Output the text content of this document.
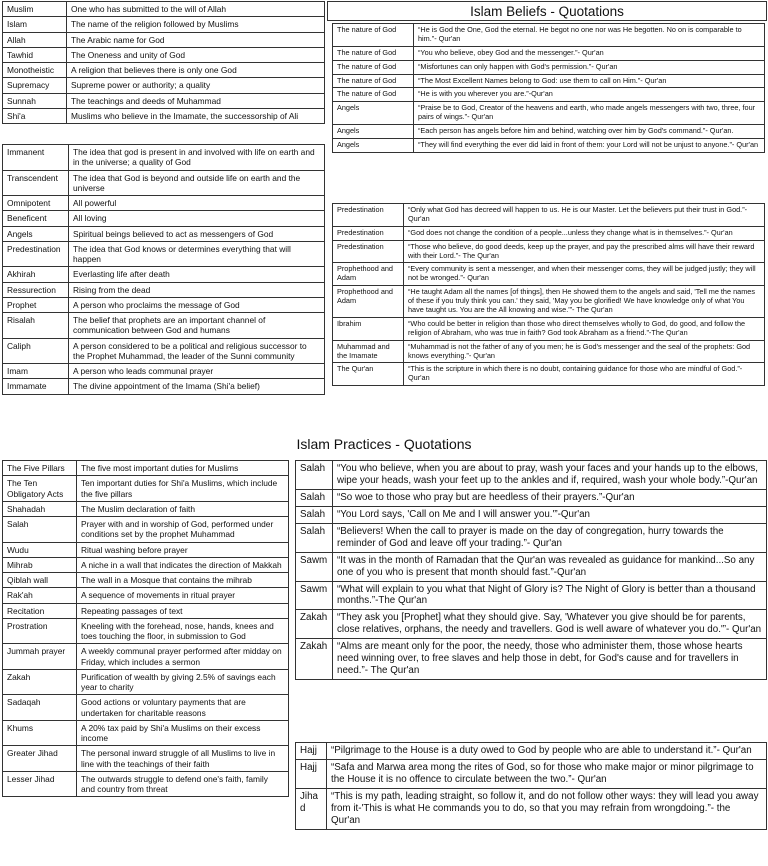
Muslim	One who has submitted to the will of Allah
Islam	The name of the religion followed by Muslims
Allah	The Arabic name for God
Tawhid	The Oneness and unity of God
Monotheistic	A religion that believes there is only one God
Supremacy	Supreme power or authority; a quality
Sunnah	The teachings and deeds of Muhammad
Shi'a	Muslims who believe in the Imamate, the successorship of Ali
Immanent	The idea that god is present in and involved with life on earth and in the universe; a quality of God
Transcendent	The idea that God is beyond and outside life on earth and the universe
Omnipotent	All powerful
Beneficent	All loving
Angels	Spiritual beings believed to act as messengers of God
Predestination	The idea that God knows or determines everything that will happen
Akhirah	Everlasting life after death
Ressurection	Rising from the dead
Prophet	A person who proclaims the message of God
Risalah	The belief that prophets are an important channel of communication between God and humans
Caliph	A person considered to be a political and religious successor to the Prophet Muhammad, the leader of the Sunni community
Imam	A person who leads communal prayer
Immamate	The divine appointment of the Imama (Shi'a belief)
Islam Beliefs - Quotations
The nature of God	“He is God the One, God the eternal. He begot no one nor was He begotten. No on is comparable to him.”- Qur'an
The nature of God	“You who believe, obey God and the messenger.”- Qur'an
The nature of God	“Misfortunes can only happen with God's permission.”- Qur'an
The nature of God	“The Most Excellent Names belong to God: use them to call on Him.”- Qur'an
The nature of God	“He is with you wherever you are.”-Qur'an
Angels	“Praise be to God, Creator of the heavens and earth, who made angels messengers with two, three, four pairs of wings.”- Qur'an
Angels	“Each person has angels before him and behind, watching over him by God's command.”- Qur'an.
Angels	“They will find everything the ever did laid in front of them: your Lord will not be unjust to anyone.”- Qur'an
Predestination	“Only what God has decreed will happen to us. He is our Master. Let the believers put their trust in God.”- Qur'an
Predestination	“God does not change the condition of a people...unless they change what is in themselves.”- Qur'an
Predestination	“Those who believe, do good deeds, keep up the prayer, and pay the prescribed alms will have their reward with their Lord.”- The Qur'an
Prophethood and Adam	“Every community is sent a messenger, and when their messenger coms, they will be judged justly; they will not be wronged.”- Qur'an
Prophethood and Adam	“He taught Adam all the names [of things], then He showed them to the angels and said, 'Tell me the names of these if you truly think you can.' they said, 'May you be glorified! We have knowledge only of what You have taught us. You are the All knowing and wise.'”- The Qur'an
Ibrahim	“Who could be better in religion than those who direct themselves wholly to God, do good, and follow the religion of Abraham, who was true in faith? God took Abraham as a friend.”-The Qur'an
Muhammad and the Imamate	“Muhammad is not the father of any of you men; he is God's messenger and the seal of the prophets: God knows everything.”- Qur'an
The Qur'an	“This is the scripture in which there is no doubt, containing guidance for those who are mindful of God.”- Qur'an
Islam Practices - Quotations
The Five Pillars	The five most important duties for Muslims
The Ten Obligatory Acts	Ten important duties for Shi'a Muslims, which include the five pillars
Shahadah	The Muslim declaration of faith
Salah	Prayer with and in worship of God, performed under conditions set by the prophet Muhammad
Wudu	Ritual washing before prayer
Mihrab	A niche in a wall that indicates the direction of Makkah
Qiblah wall	The wall in a Mosque that contains the mihrab
Rak'ah	A sequence of movements in ritual prayer
Recitation	Repeating passages of text
Prostration	Kneeling with the forehead, nose, hands, knees and toes touching the floor, in submission to God
Jummah prayer	A weekly communal prayer performed after midday on Friday, which includes a sermon
Zakah	Purification of wealth by giving 2.5% of savings each year to charity
Sadaqah	Good actions or voluntary payments that are undertaken for charitable reasons
Khums	A 20% tax paid by Shi'a Muslims on their excess income
Greater Jihad	The personal inward struggle of all Muslims to live in line with the teachings of their faith
Lesser Jihad	The outwards struggle to defend one's faith, family and country from threat
Salah	“You who believe, when you are about to pray, wash your faces and your hands up to the elbows, wipe your heads, wash your feet up to the ankles and if, required, wash your whole body.”-Qur'an
Salah	“So woe to those who pray but are heedless of their prayers.”-Qur'an
Salah	“You Lord says, 'Call on Me and I will answer you.'”-Qur'an
Salah	“Believers! When the call to prayer is made on the day of congregation, hurry towards the reminder of God and leave off your trading.”- Qur'an
Sawm	“It was in the month of Ramadan that the Qur'an was revealed as guidance for mankind...So any one of you who is present that month should fast.”-Qur'an
Sawm	“What will explain to you what that Night of Glory is? The Night of Glory is better than a thousand months.”-The Qur'an
Zakah	“They ask you [Prophet] what they should give. Say, 'Whatever you give should be for parents, close relatives, orphans, the needy and travellers. God is well aware of whatever you do.'”- Qur'an
Zakah	“Alms are meant only for the poor, the needy, those who administer them, those whose hearts need winning over, to free slaves and help those in debt, for God's cause and for travellers in need.”- The Qur'an
Hajj	“Pilgrimage to the House is a duty owed to God by people who are able to understand it.”- Qur'an
Hajj	“Safa and Marwa area mong the rites of God, so for those who make major or minor pilgrimage to the House it is no offence to circulate between the two.”- Qur'an
Jihad	“This is my path, leading straight, so follow it, and do not follow other ways: they will lead you away from it-'This is what He commands you to do, so that you may refrain from wrongdoing.”- the Qur'an
